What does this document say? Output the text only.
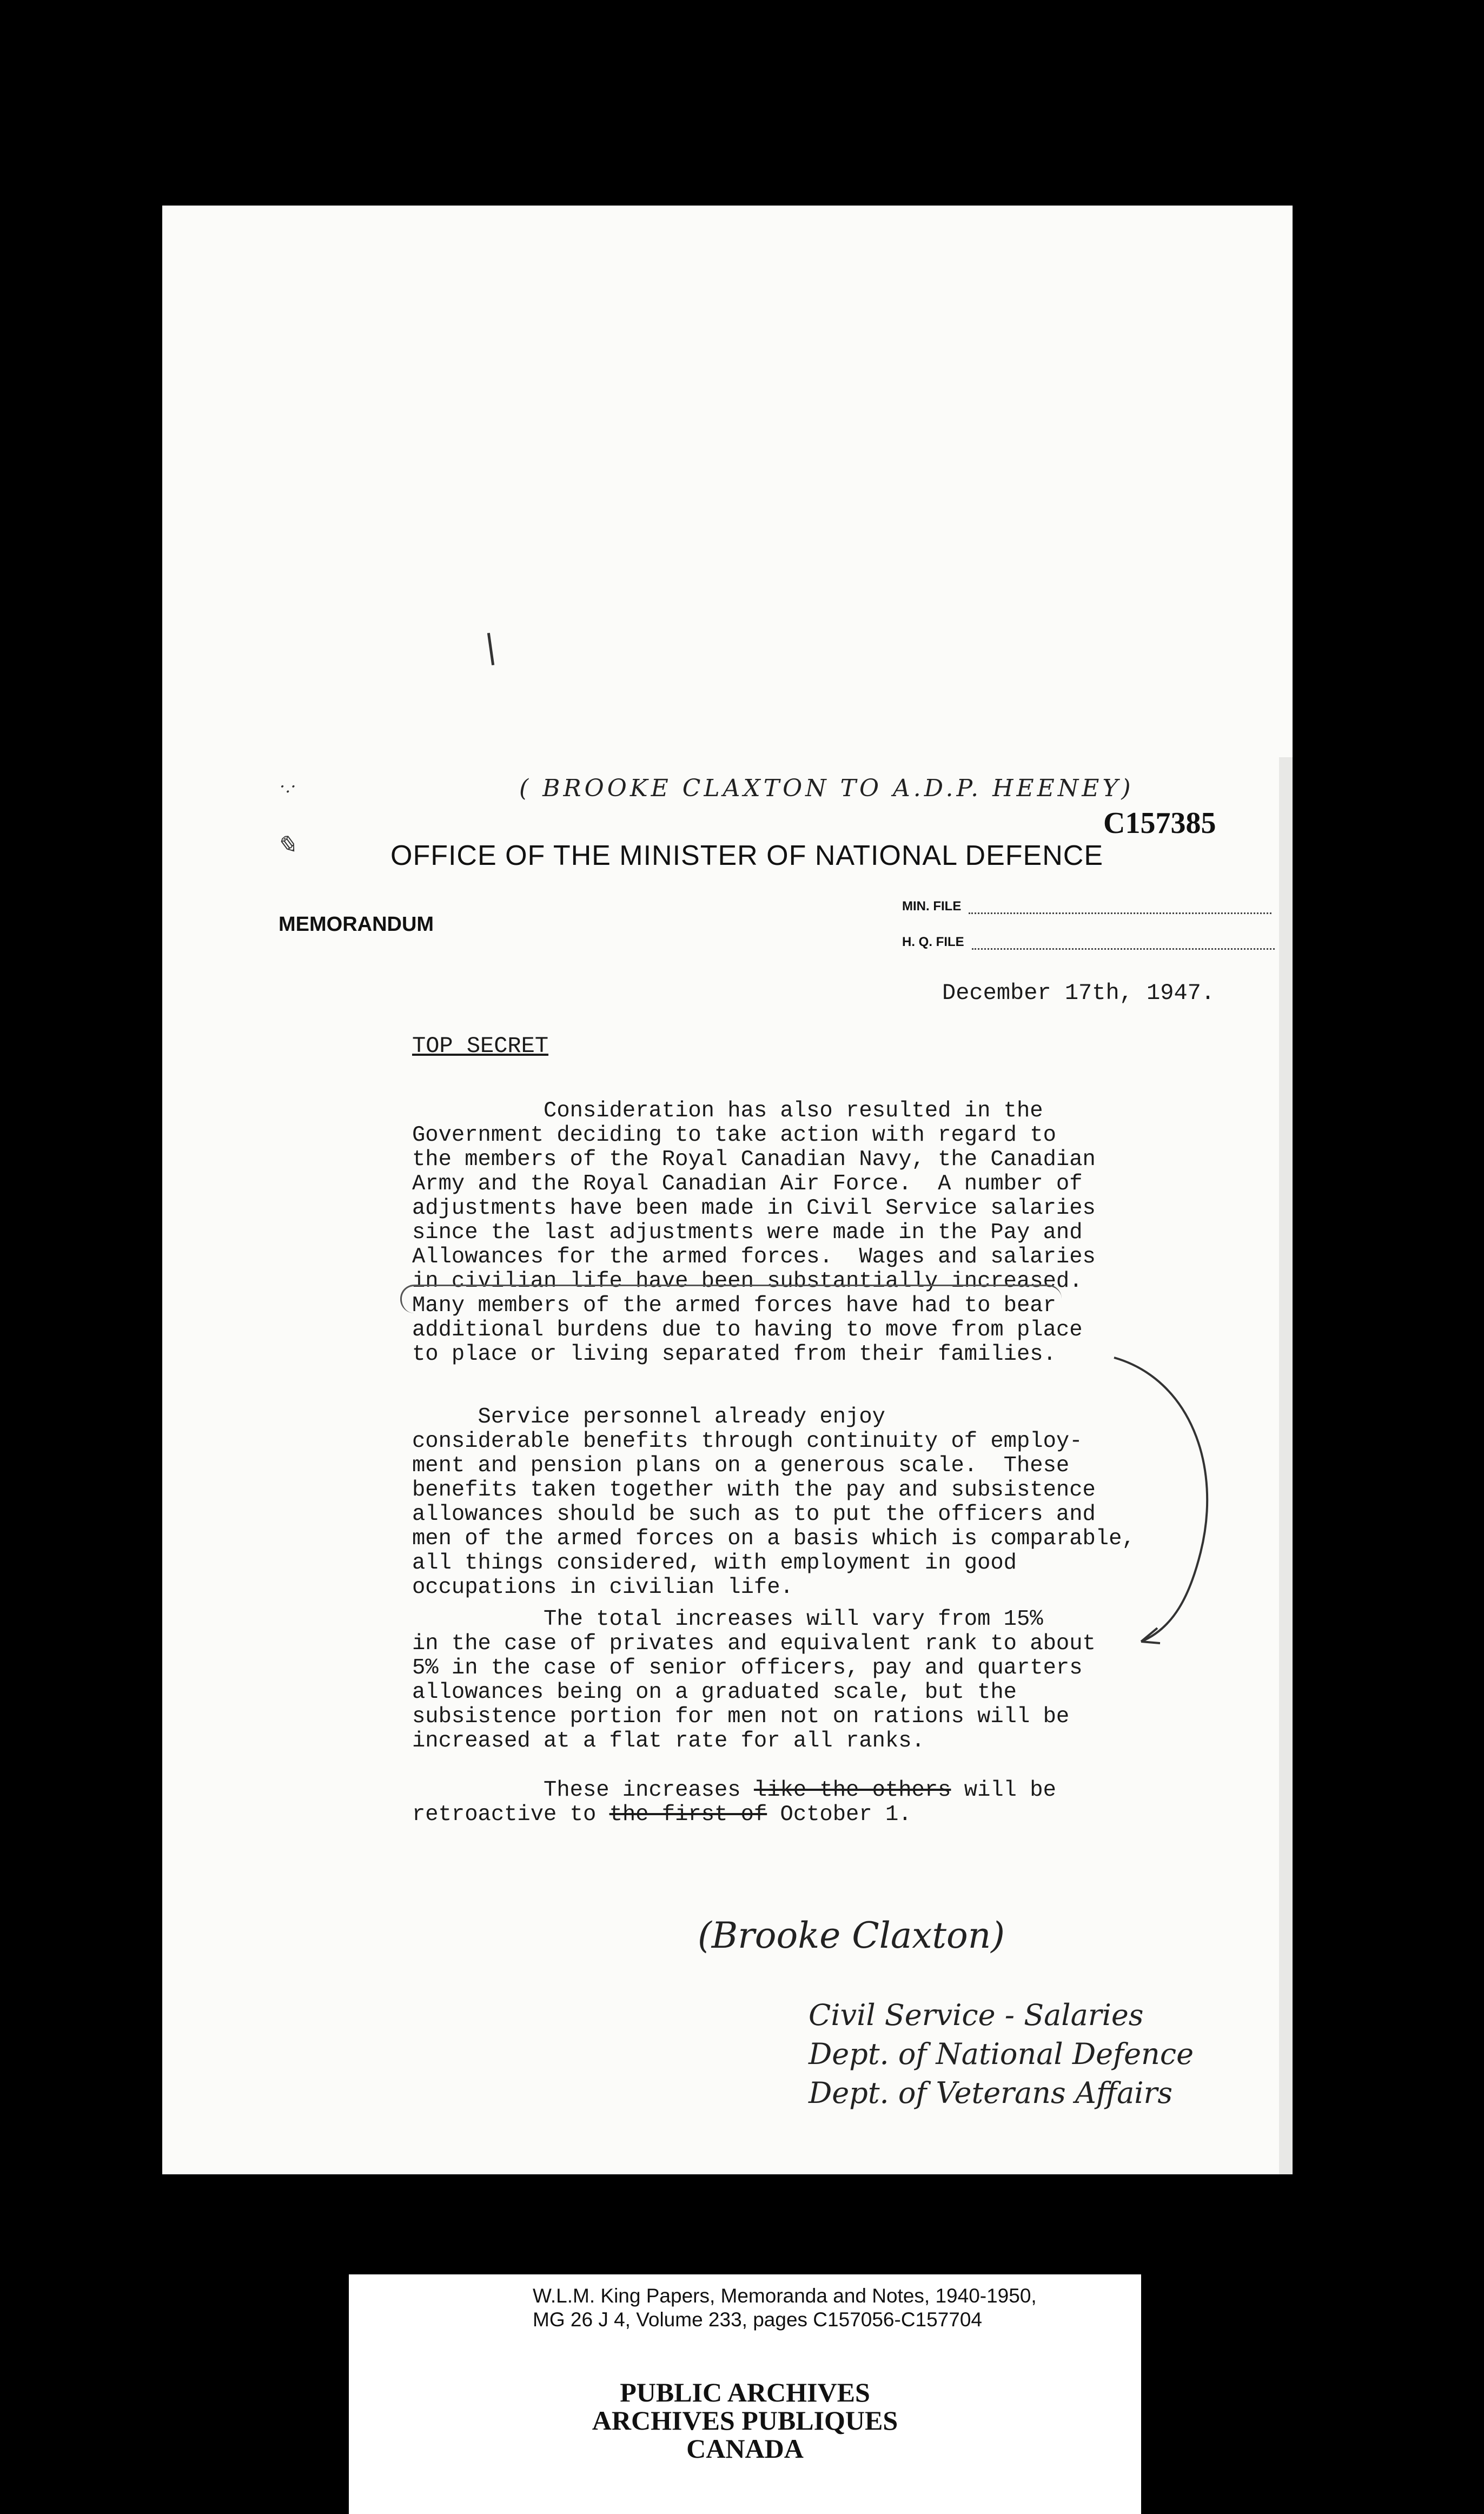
·.·
✎
( BROOKE CLAXTON TO A.D.P. HEENEY)
C157385
OFFICE OF THE MINISTER OF NATIONAL DEFENCE
MEMORANDUM
MIN. FILE
H. Q. FILE
December 17th, 1947.
TOP SECRET
Consideration has also resulted in the
Government deciding to take action with regard to
the members of the Royal Canadian Navy, the Canadian
Army and the Royal Canadian Air Force.  A number of
adjustments have been made in Civil Service salaries
since the last adjustments were made in the Pay and
Allowances for the armed forces.  Wages and salaries
in civilian life have been substantially increased.
Many members of the armed forces have had to bear
additional burdens due to having to move from place
to place or living separated from their families.
Service personnel already enjoy
considerable benefits through continuity of employ-
ment and pension plans on a generous scale.  These
benefits taken together with the pay and subsistence
allowances should be such as to put the officers and
men of the armed forces on a basis which is comparable,
all things considered, with employment in good
occupations in civilian life.
The total increases will vary from 15%
in the case of privates and equivalent rank to about
5% in the case of senior officers, pay and quarters
allowances being on a graduated scale, but the
subsistence portion for men not on rations will be
increased at a flat rate for all ranks.
These increases like the others will be
retroactive to the first of October 1.
(Brooke Claxton)
Civil Service - Salaries
Dept. of National Defence
Dept. of Veterans Affairs
W.L.M. King Papers, Memoranda and Notes, 1940-1950,
MG 26 J 4, Volume 233, pages C157056-C157704
PUBLIC ARCHIVES
ARCHIVES PUBLIQUES
CANADA
